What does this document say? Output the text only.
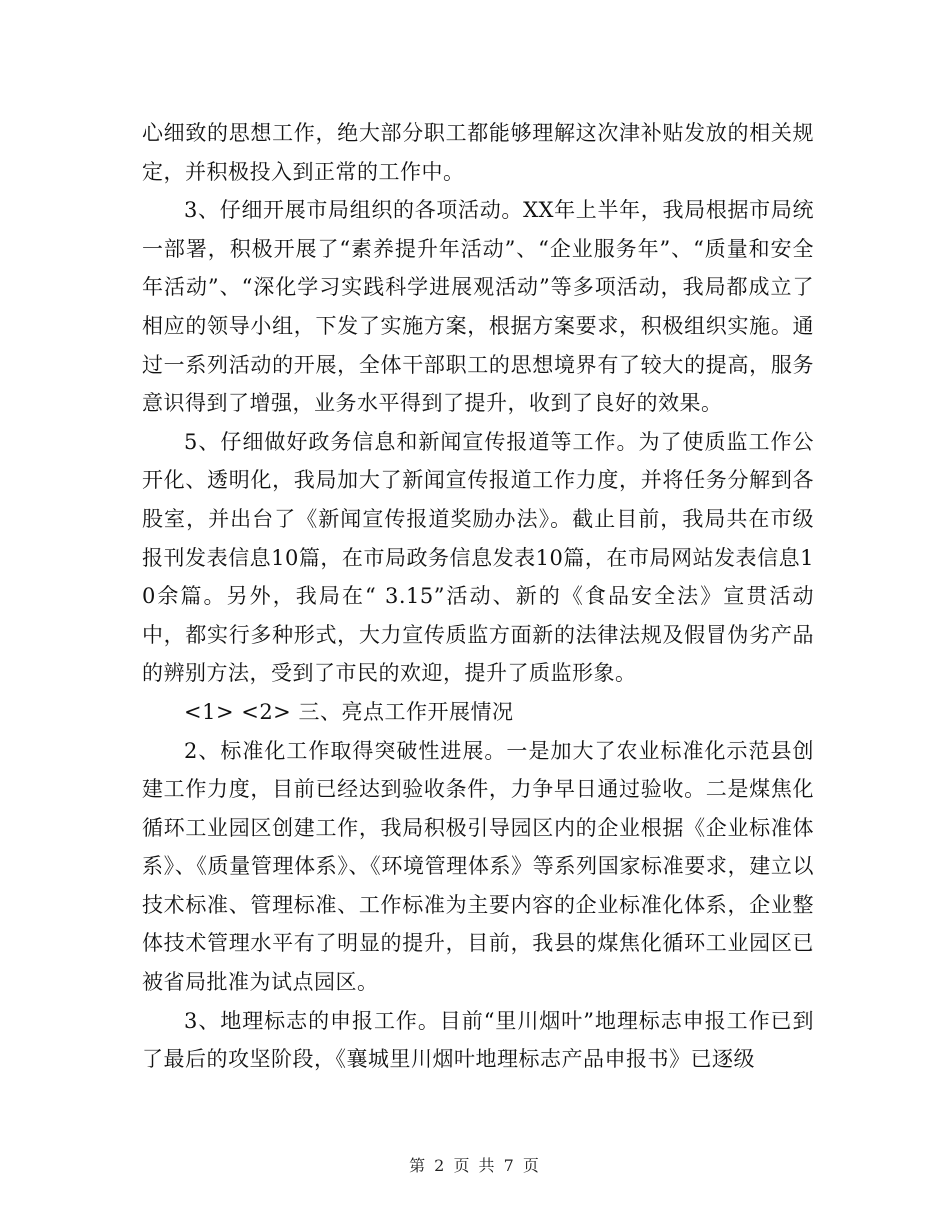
心细致的思想工作，绝大部分职工都能够理解这次津补贴发放的相关规定，并积极投入到正常的工作中。

3、仔细开展市局组织的各项活动。XX年上半年，我局根据市局统一部署，积极开展了“素养提升年活动”、“企业服务年”、“质量和安全年活动”、“深化学习实践科学进展观活动”等多项活动，我局都成立了相应的领导小组，下发了实施方案，根据方案要求，积极组织实施。通过一系列活动的开展，全体干部职工的思想境界有了较大的提高，服务意识得到了增强，业务水平得到了提升，收到了良好的效果。

5、仔细做好政务信息和新闻宣传报道等工作。为了使质监工作公开化、透明化，我局加大了新闻宣传报道工作力度，并将任务分解到各股室，并出台了《新闻宣传报道奖励办法》。截止目前，我局共在市级报刊发表信息10篇，在市局政务信息发表10篇，在市局网站发表信息10余篇。另外，我局在“ 3.15”活动、新的《食品安全法》宣贯活动中，都实行多种形式，大力宣传质监方面新的法律法规及假冒伪劣产品的辨别方法，受到了市民的欢迎，提升了质监形象。

<1> <2> 三、亮点工作开展情况

2、标准化工作取得突破性进展。一是加大了农业标准化示范县创建工作力度，目前已经达到验收条件，力争早日通过验收。二是煤焦化循环工业园区创建工作，我局积极引导园区内的企业根据《企业标准体系》、《质量管理体系》、《环境管理体系》等系列国家标准要求，建立以技术标准、管理标准、工作标准为主要内容的企业标准化体系，企业整体技术管理水平有了明显的提升，目前，我县的煤焦化循环工业园区已被省局批准为试点园区。

3、地理标志的申报工作。目前“里川烟叶”地理标志申报工作已到了最后的攻坚阶段，《襄城里川烟叶地理标志产品申报书》已逐级

第 2 页 共 7 页
